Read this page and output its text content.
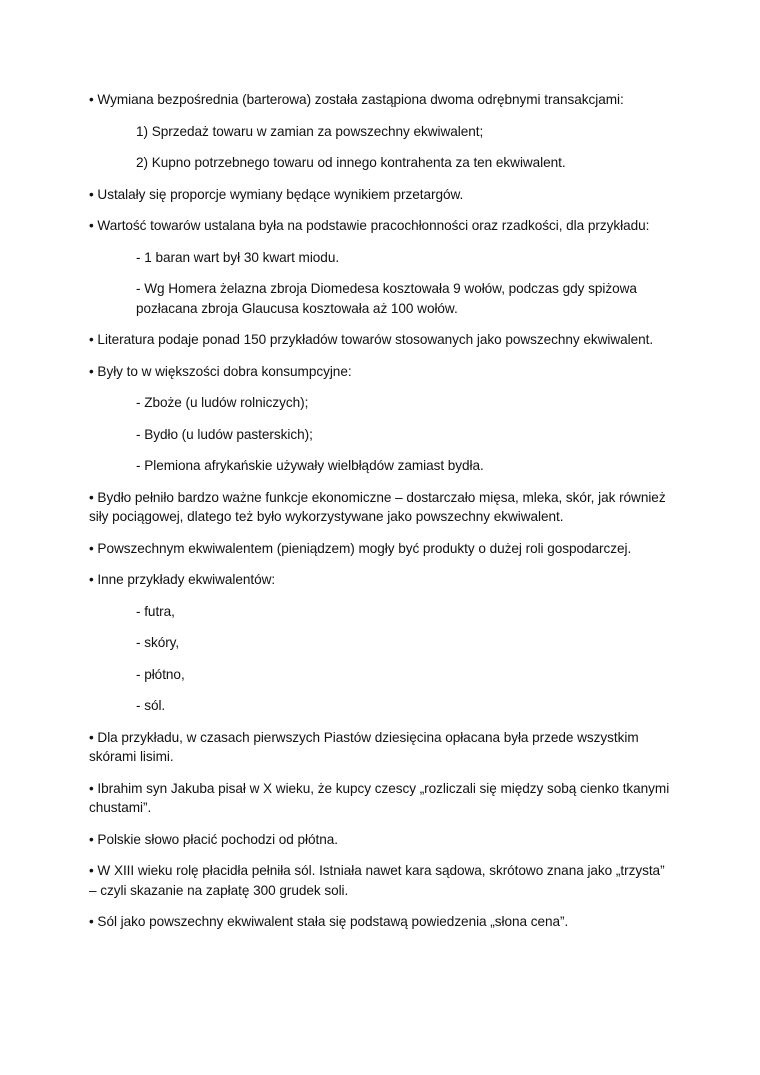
• Wymiana bezpośrednia (barterowa) została zastąpiona dwoma odrębnymi transakcjami:

1) Sprzedaż towaru w zamian za powszechny ekwiwalent;

2) Kupno potrzebnego towaru od innego kontrahenta za ten ekwiwalent.

• Ustalały się proporcje wymiany będące wynikiem przetargów.

• Wartość towarów ustalana była na podstawie pracochłonności oraz rzadkości, dla przykładu:

- 1 baran wart był 30 kwart miodu.

- Wg Homera żelazna zbroja Diomedesa kosztowała 9 wołów, podczas gdy spiżowa pozłacana zbroja Glaucusa kosztowała aż 100 wołów.

• Literatura podaje ponad 150 przykładów towarów stosowanych jako powszechny ekwiwalent.

• Były to w większości dobra konsumpcyjne:

- Zboże (u ludów rolniczych);

- Bydło (u ludów pasterskich);

- Plemiona afrykańskie używały wielbłądów zamiast bydła.

• Bydło pełniło bardzo ważne funkcje ekonomiczne – dostarczało mięsa, mleka, skór, jak również siły pociągowej, dlatego też było wykorzystywane jako powszechny ekwiwalent.

• Powszechnym ekwiwalentem (pieniądzem) mogły być produkty o dużej roli gospodarczej.

• Inne przykłady ekwiwalentów:

- futra,

- skóry,

- płótno,

- sól.

• Dla przykładu, w czasach pierwszych Piastów dziesięcina opłacana była przede wszystkim skórami lisimi.

• Ibrahim syn Jakuba pisał w X wieku, że kupcy czescy „rozliczali się między sobą cienko tkanymi chustami”.

• Polskie słowo płacić pochodzi od płótna.

• W XIII wieku rolę płacidła pełniła sól. Istniała nawet kara sądowa, skrótowo znana jako „trzysta” – czyli skazanie na zapłatę 300 grudek soli.

• Sól jako powszechny ekwiwalent stała się podstawą powiedzenia „słona cena”.
